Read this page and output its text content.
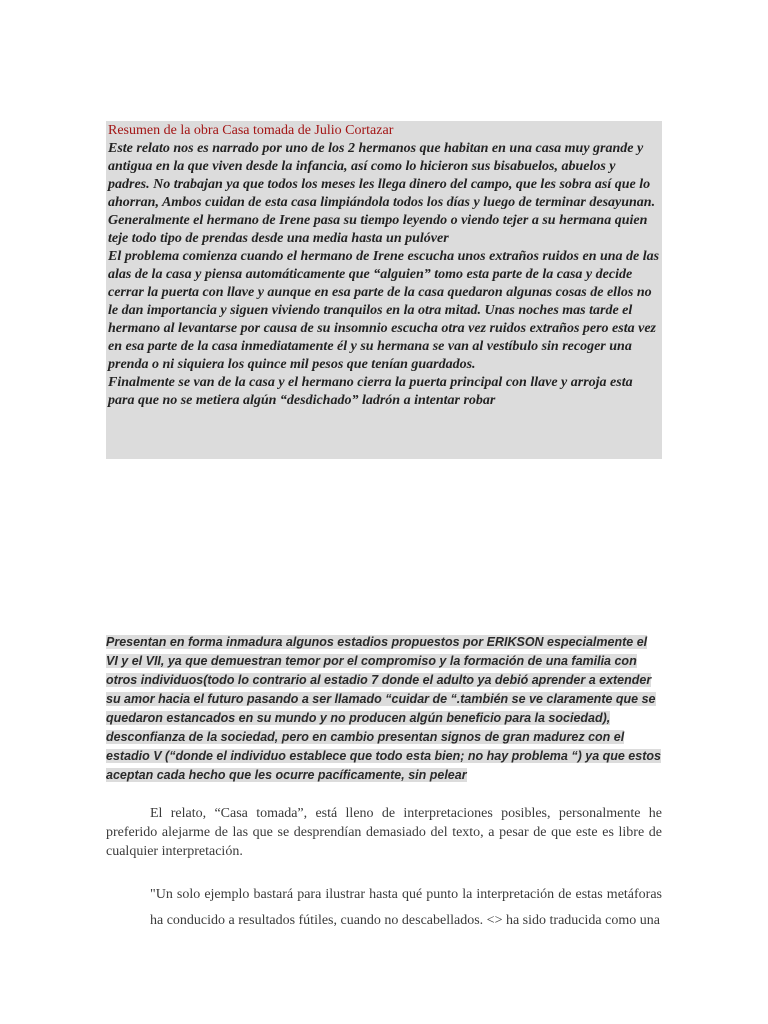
Resumen de la obra Casa tomada de Julio Cortazar

Este relato nos es narrado por uno de los 2 hermanos que habitan en una casa muy grande y antigua en la que viven desde la infancia, así como lo hicieron sus bisabuelos, abuelos y padres. No trabajan ya que todos los meses les llega dinero del campo, que les sobra así que lo ahorran, Ambos cuidan de esta casa limpiándola todos los días y luego de terminar desayunan. Generalmente el hermano de Irene pasa su tiempo leyendo o viendo tejer a su hermana quien teje todo tipo de prendas desde una media hasta un pulóver

El problema comienza cuando el hermano de Irene escucha unos extraños ruidos en una de las alas de la casa y piensa automáticamente que “alguien” tomo esta parte de la casa y decide cerrar la puerta con llave y aunque en esa parte de la casa quedaron algunas cosas de ellos no le dan importancia y siguen viviendo tranquilos en la otra mitad. Unas noches mas tarde el hermano al levantarse por causa de su insomnio escucha otra vez ruidos extraños pero esta vez en esa parte de la casa inmediatamente él y su hermana se van al vestíbulo sin recoger una prenda o ni siquiera los quince mil pesos que tenían guardados.

Finalmente se van de la casa y el hermano cierra la puerta principal con llave y arroja esta para que no se metiera algún “desdichado” ladrón a intentar robar

Presentan en forma inmadura algunos estadios propuestos por ERIKSON especialmente el VI y el VII, ya que demuestran temor por el compromiso y la formación de una familia con otros individuos(todo lo contrario al estadio 7 donde el adulto ya debió aprender a extender su amor hacia el futuro pasando a ser llamado “cuidar de “.también se ve claramente que se quedaron estancados en su mundo y no producen algún beneficio para la sociedad), desconfianza de la sociedad, pero en cambio presentan signos de gran madurez con el estadio V (“donde el individuo establece que todo esta bien; no hay problema “) ya que estos aceptan cada hecho que les ocurre pacíficamente, sin pelear

El relato, “Casa tomada”, está lleno de interpretaciones posibles, personalmente he preferido alejarme de las que se desprendían demasiado del texto, a pesar de que este es libre de cualquier interpretación.

"Un solo ejemplo bastará para ilustrar hasta qué punto la interpretación de estas metáforas ha conducido a resultados fútiles, cuando no descabellados. <> ha sido traducida como una
